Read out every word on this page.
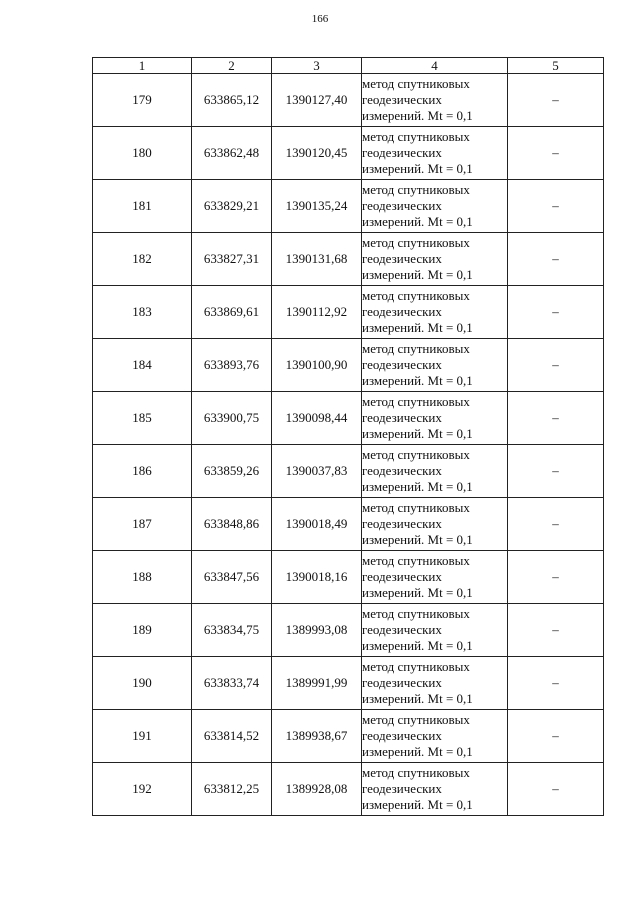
166
1	2	3	4	5
179	633865,12	1390127,40	метод спутниковых
геодезических
измерений. Mt = 0,1	–
180	633862,48	1390120,45	метод спутниковых
геодезических
измерений. Mt = 0,1	–
181	633829,21	1390135,24	метод спутниковых
геодезических
измерений. Mt = 0,1	–
182	633827,31	1390131,68	метод спутниковых
геодезических
измерений. Mt = 0,1	–
183	633869,61	1390112,92	метод спутниковых
геодезических
измерений. Mt = 0,1	–
184	633893,76	1390100,90	метод спутниковых
геодезических
измерений. Mt = 0,1	–
185	633900,75	1390098,44	метод спутниковых
геодезических
измерений. Mt = 0,1	–
186	633859,26	1390037,83	метод спутниковых
геодезических
измерений. Mt = 0,1	–
187	633848,86	1390018,49	метод спутниковых
геодезических
измерений. Mt = 0,1	–
188	633847,56	1390018,16	метод спутниковых
геодезических
измерений. Mt = 0,1	–
189	633834,75	1389993,08	метод спутниковых
геодезических
измерений. Mt = 0,1	–
190	633833,74	1389991,99	метод спутниковых
геодезических
измерений. Mt = 0,1	–
191	633814,52	1389938,67	метод спутниковых
геодезических
измерений. Mt = 0,1	–
192	633812,25	1389928,08	метод спутниковых
геодезических
измерений. Mt = 0,1	–
